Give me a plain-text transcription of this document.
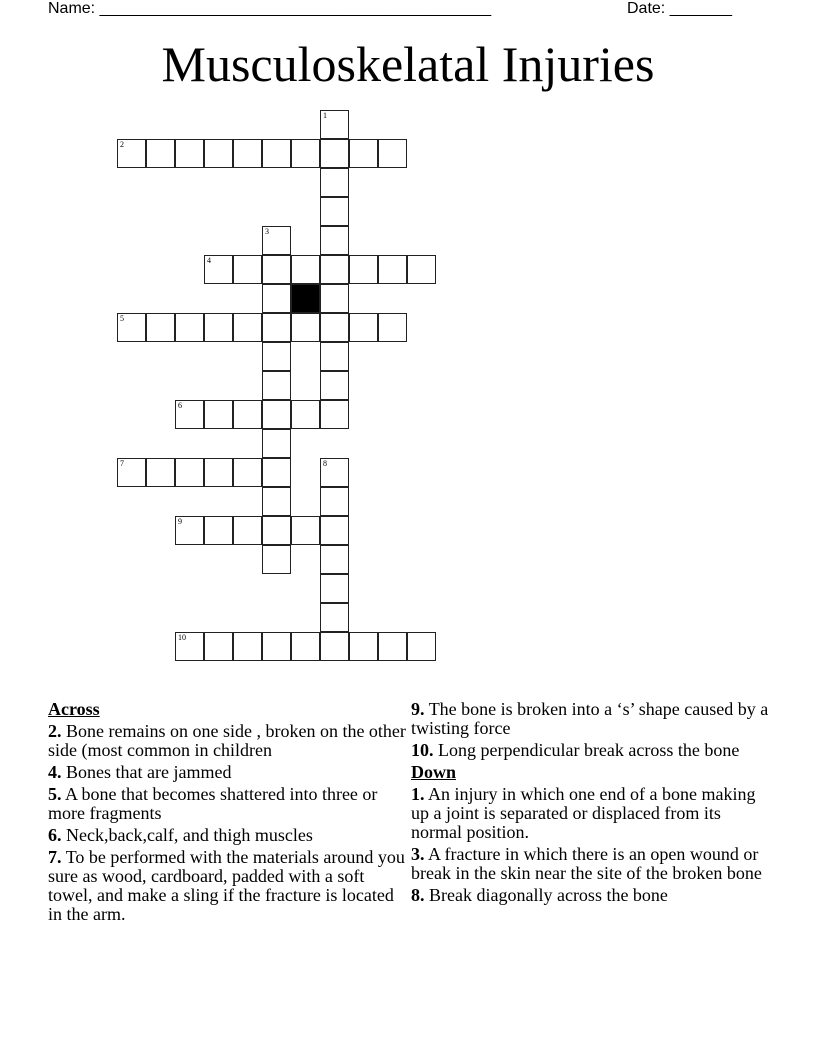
Name: ____________________________________________	Date: _______
Musculoskelatal Injuries
1
2
3
4
5
6
7	8
9
10
Across
2. Bone remains on one side , broken on the other side (most common in children
4. Bones that are jammed
5. A bone that becomes shattered into three or more fragments
6. Neck,back,calf, and thigh muscles
7. To be performed with the materials around you sure as wood, cardboard, padded with a soft towel, and make a sling if the fracture is located in the arm.
9. The bone is broken into a ‘s’ shape caused by a twisting force
10. Long perpendicular break across the bone
Down
1. An injury in which one end of a bone making up a joint is separated or displaced from its normal position.
3. A fracture in which there is an open wound or break in the skin near the site of the broken bone
8. Break diagonally across the bone
